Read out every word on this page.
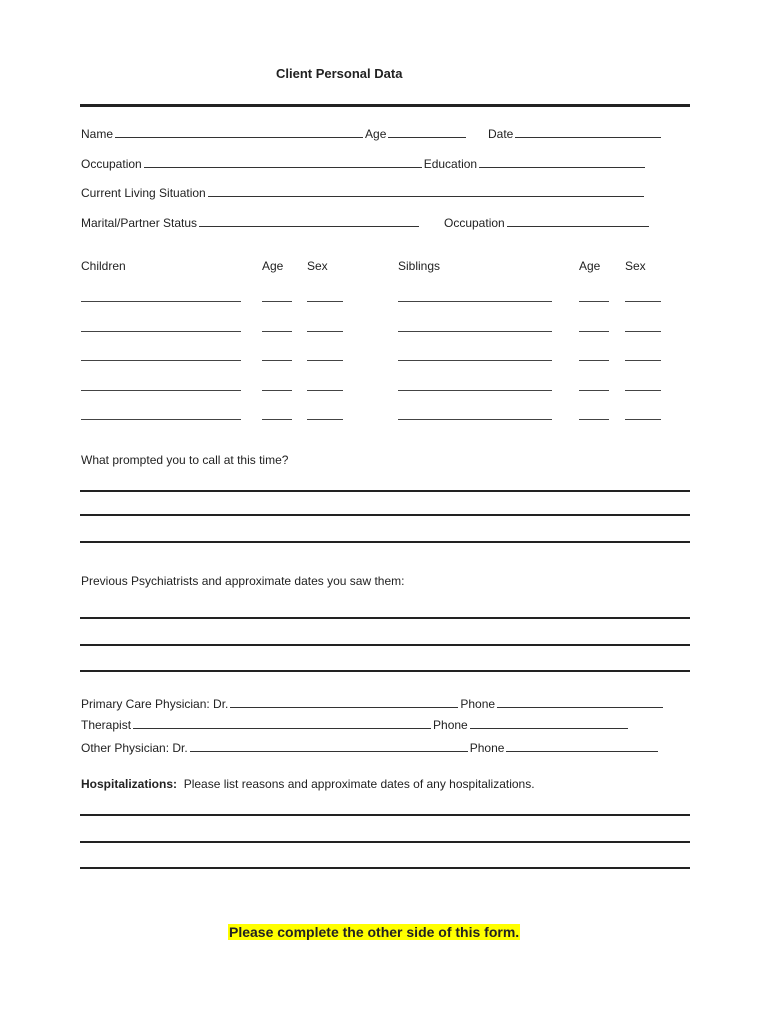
Client Personal Data
Name	Age	Date
Occupation	Education
Current Living Situation
Marital/Partner Status	Occupation
Children	Age Sex	Siblings	Age Sex
What prompted you to call at this time?
Previous Psychiatrists and approximate dates you saw them:
Primary Care Physician: Dr.	Phone
Therapist	Phone
Other Physician: Dr.	Phone
Hospitalizations: Please list reasons and approximate dates of any hospitalizations.
Please complete the other side of this form.
